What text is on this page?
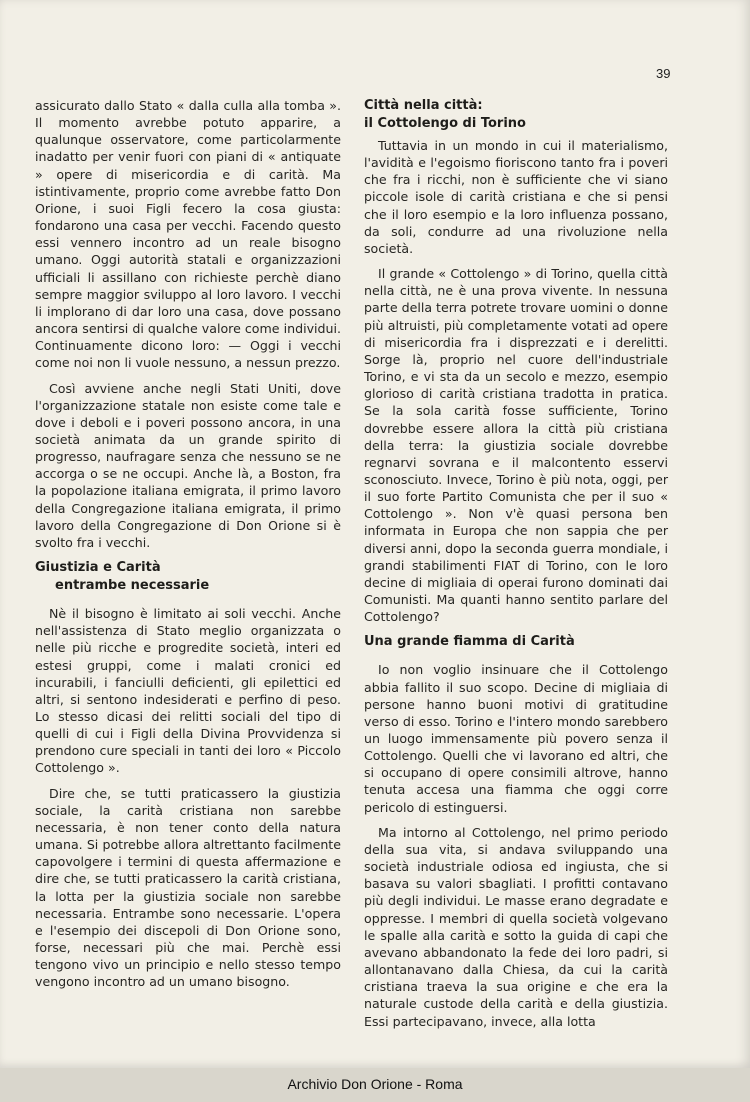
39

assicurato dallo Stato « dalla culla alla tomba ». Il momento avrebbe potuto apparire, a qualunque osservatore, come particolarmente inadatto per venir fuori con piani di « antiquate » opere di misericordia e di carità. Ma istintivamente, proprio come avrebbe fatto Don Orione, i suoi Figli fecero la cosa giusta: fondarono una casa per vecchi. Facendo questo essi vennero incontro ad un reale bisogno umano. Oggi autorità statali e organizzazioni ufficiali li assillano con richieste perchè diano sempre maggior sviluppo al loro lavoro. I vecchi li implorano di dar loro una casa, dove possano ancora sentirsi di qualche valore come individui. Continuamente dicono loro: — Oggi i vecchi come noi non li vuole nessuno, a nessun prezzo.

Così avviene anche negli Stati Uniti, dove l'organizzazione statale non esiste come tale e dove i deboli e i poveri possono ancora, in una società animata da un grande spirito di progresso, naufragare senza che nessuno se ne accorga o se ne occupi. Anche là, a Boston, fra la popolazione italiana emigrata, il primo lavoro della Congregazione italiana emigrata, il primo lavoro della Congregazione di Don Orione si è svolto fra i vecchi.

Giustizia e Carità
entrambe necessarie

Nè il bisogno è limitato ai soli vecchi. Anche nell'assistenza di Stato meglio organizzata o nelle più ricche e progredite società, interi ed estesi gruppi, come i malati cronici ed incurabili, i fanciulli deficienti, gli epilettici ed altri, si sentono indesiderati e perfino di peso. Lo stesso dicasi dei relitti sociali del tipo di quelli di cui i Figli della Divina Provvidenza si prendono cure speciali in tanti dei loro « Piccolo Cottolengo ».

Dire che, se tutti praticassero la giustizia sociale, la carità cristiana non sarebbe necessaria, è non tener conto della natura umana. Si potrebbe allora altrettanto facilmente capovolgere i termini di questa affermazione e dire che, se tutti praticassero la carità cristiana, la lotta per la giustizia sociale non sarebbe necessaria. Entrambe sono necessarie. L'opera e l'esempio dei discepoli di Don Orione sono, forse, necessari più che mai. Perchè essi tengono vivo un principio e nello stesso tempo vengono incontro ad un umano bisogno.

Città nella città:
il Cottolengo di Torino

Tuttavia in un mondo in cui il materialismo, l'avidità e l'egoismo fioriscono tanto fra i poveri che fra i ricchi, non è sufficiente che vi siano piccole isole di carità cristiana e che si pensi che il loro esempio e la loro influenza possano, da soli, condurre ad una rivoluzione nella società.

Il grande « Cottolengo » di Torino, quella città nella città, ne è una prova vivente. In nessuna parte della terra potrete trovare uomini o donne più altruisti, più completamente votati ad opere di misericordia fra i disprezzati e i derelitti. Sorge là, proprio nel cuore dell'industriale Torino, e vi sta da un secolo e mezzo, esempio glorioso di carità cristiana tradotta in pratica. Se la sola carità fosse sufficiente, Torino dovrebbe essere allora la città più cristiana della terra: la giustizia sociale dovrebbe regnarvi sovrana e il malcontento esservi sconosciuto. Invece, Torino è più nota, oggi, per il suo forte Partito Comunista che per il suo « Cottolengo ». Non v'è quasi persona ben informata in Europa che non sappia che per diversi anni, dopo la seconda guerra mondiale, i grandi stabilimenti FIAT di Torino, con le loro decine di migliaia di operai furono dominati dai Comunisti. Ma quanti hanno sentito parlare del Cottolengo?

Una grande fiamma di Carità

Io non voglio insinuare che il Cottolengo abbia fallito il suo scopo. Decine di migliaia di persone hanno buoni motivi di gratitudine verso di esso. Torino e l'intero mondo sarebbero un luogo immensamente più povero senza il Cottolengo. Quelli che vi lavorano ed altri, che si occupano di opere consimili altrove, hanno tenuta accesa una fiamma che oggi corre pericolo di estinguersi.

Ma intorno al Cottolengo, nel primo periodo della sua vita, si andava sviluppando una società industriale odiosa ed ingiusta, che si basava su valori sbagliati. I profitti contavano più degli individui. Le masse erano degradate e oppresse. I membri di quella società volgevano le spalle alla carità e sotto la guida di capi che avevano abbandonato la fede dei loro padri, si allontanavano dalla Chiesa, da cui la carità cristiana traeva la sua origine e che era la naturale custode della carità e della giustizia. Essi partecipavano, invece, alla lotta

Archivio Don Orione - Roma
